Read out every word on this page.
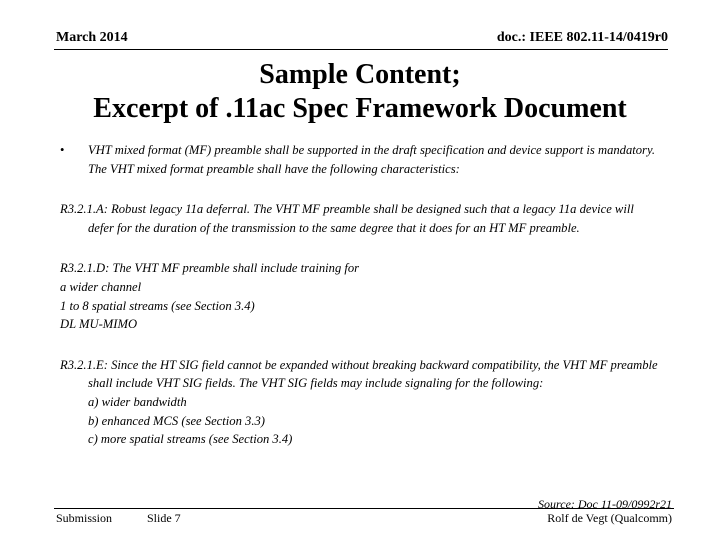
March 2014	doc.: IEEE 802.11-14/0419r0
Sample Content;
Excerpt of .11ac Spec Framework Document
• VHT mixed format (MF) preamble shall be supported in the draft specification and device support is mandatory. The VHT mixed format preamble shall have the following characteristics:

R3.2.1.A: Robust legacy 11a deferral. The VHT MF preamble shall be designed such that a legacy 11a device will defer for the duration of the transmission to the same degree that it does for an HT MF preamble.

R3.2.1.D: The VHT MF preamble shall include training for
a wider channel
1 to 8 spatial streams (see Section 3.4)
DL MU-MIMO

R3.2.1.E: Since the HT SIG field cannot be expanded without breaking backward compatibility, the VHT MF preamble shall include VHT SIG fields. The VHT SIG fields may include signaling for the following:

a) wider bandwidth
b) enhanced MCS (see Section 3.3)
c) more spatial streams (see Section 3.4)
Submission	Slide 7
Source: Doc 11-09/0992r21
Rolf de Vegt (Qualcomm)
